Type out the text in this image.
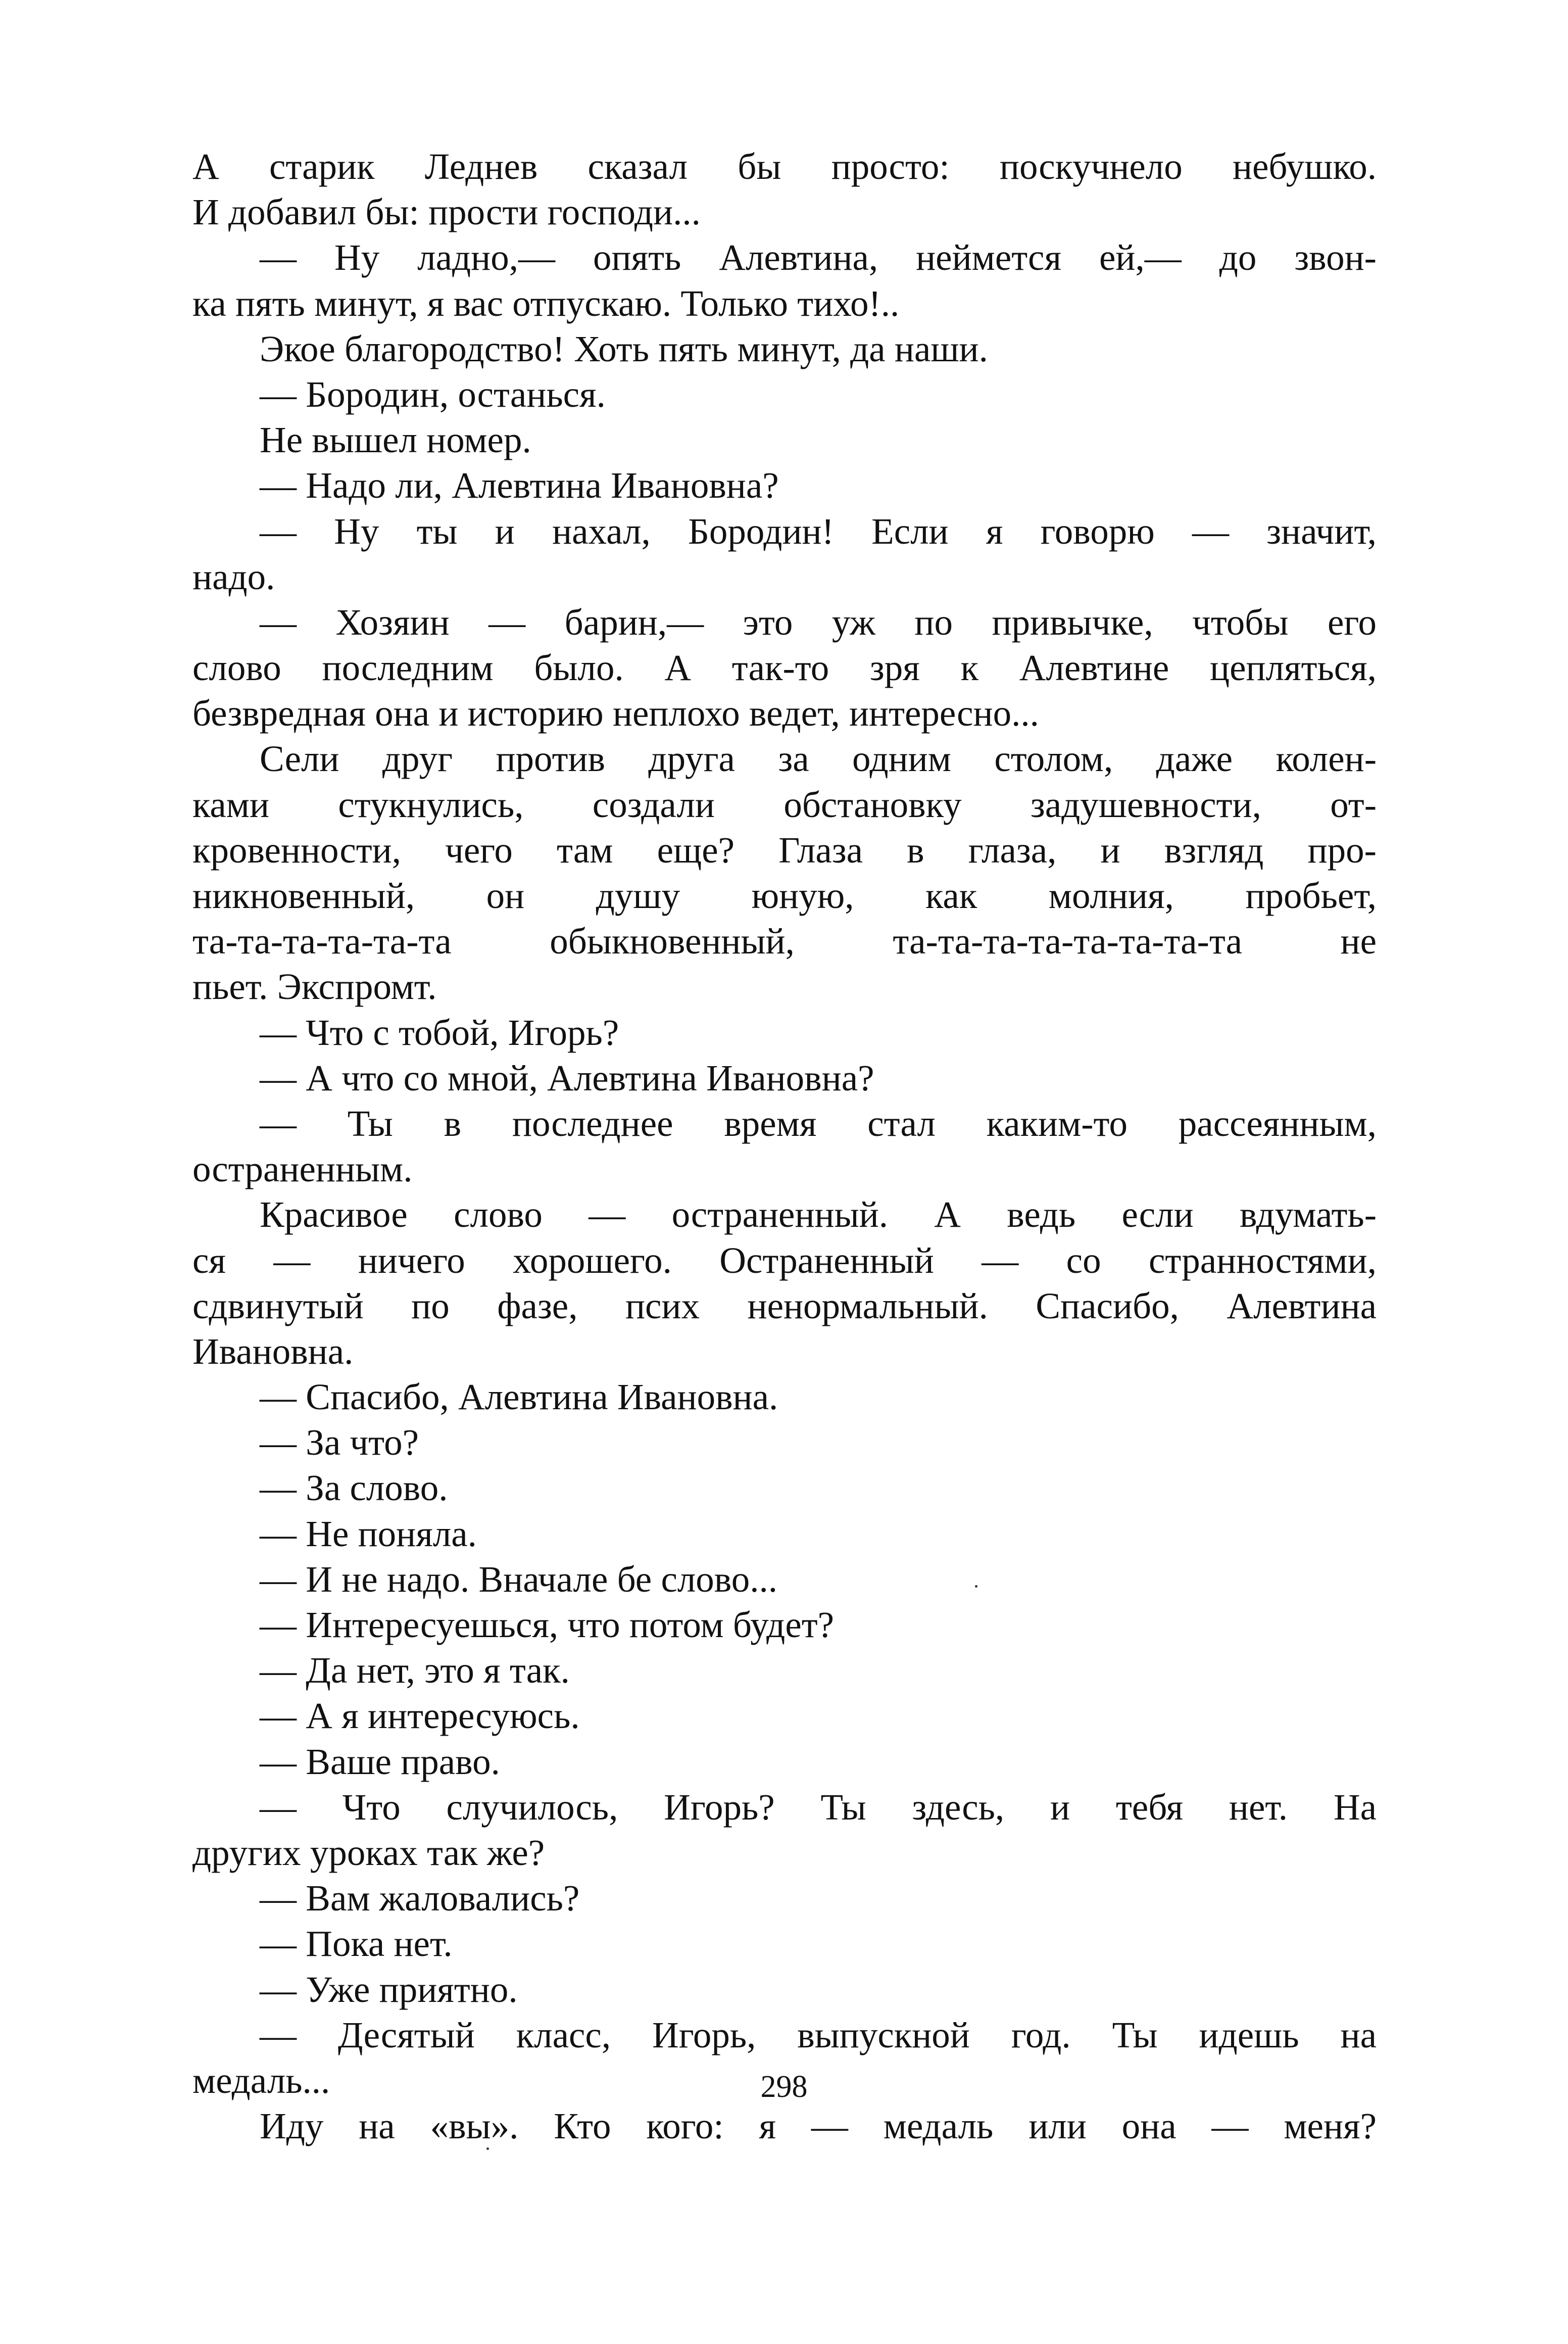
А старик Леднев сказал бы просто: поскучнело небушко.
И добавил бы: прости господи...
— Ну ладно,— опять Алевтина, неймется ей,— до звон-
ка пять минут, я вас отпускаю. Только тихо!..
Экое благородство! Хоть пять минут, да наши.
— Бородин, останься.
Не вышел номер.
— Надо ли, Алевтина Ивановна?
— Ну ты и нахал, Бородин! Если я говорю — значит,
надо.
— Хозяин — барин,— это уж по привычке, чтобы его
слово последним было. А так-то зря к Алевтине цепляться,
безвредная она и историю неплохо ведет, интересно...
Сели друг против друга за одним столом, даже колен-
ками стукнулись, создали обстановку задушевности, от-
кровенности, чего там еще? Глаза в глаза, и взгляд про-
никновенный, он душу юную, как молния, пробьет,
та-та-та-та-та-та обыкновенный, та-та-та-та-та-та-та-та не
пьет. Экспромт.
— Что с тобой, Игорь?
— А что со мной, Алевтина Ивановна?
— Ты в последнее время стал каким-то рассеянным,
остраненным.
Красивое слово — остраненный. А ведь если вдумать-
ся — ничего хорошего. Остраненный — со странностями,
сдвинутый по фазе, псих ненормальный. Спасибо, Алевтина
Ивановна.
— Спасибо, Алевтина Ивановна.
— За что?
— За слово.
— Не поняла.
— И не надо. Вначале бе слово...
— Интересуешься, что потом будет?
— Да нет, это я так.
— А я интересуюсь.
— Ваше право.
— Что случилось, Игорь? Ты здесь, и тебя нет. На
других уроках так же?
— Вам жаловались?
— Пока нет.
— Уже приятно.
— Десятый класс, Игорь, выпускной год. Ты идешь на
медаль...
Иду на «вы». Кто кого: я — медаль или она — меня?
298
